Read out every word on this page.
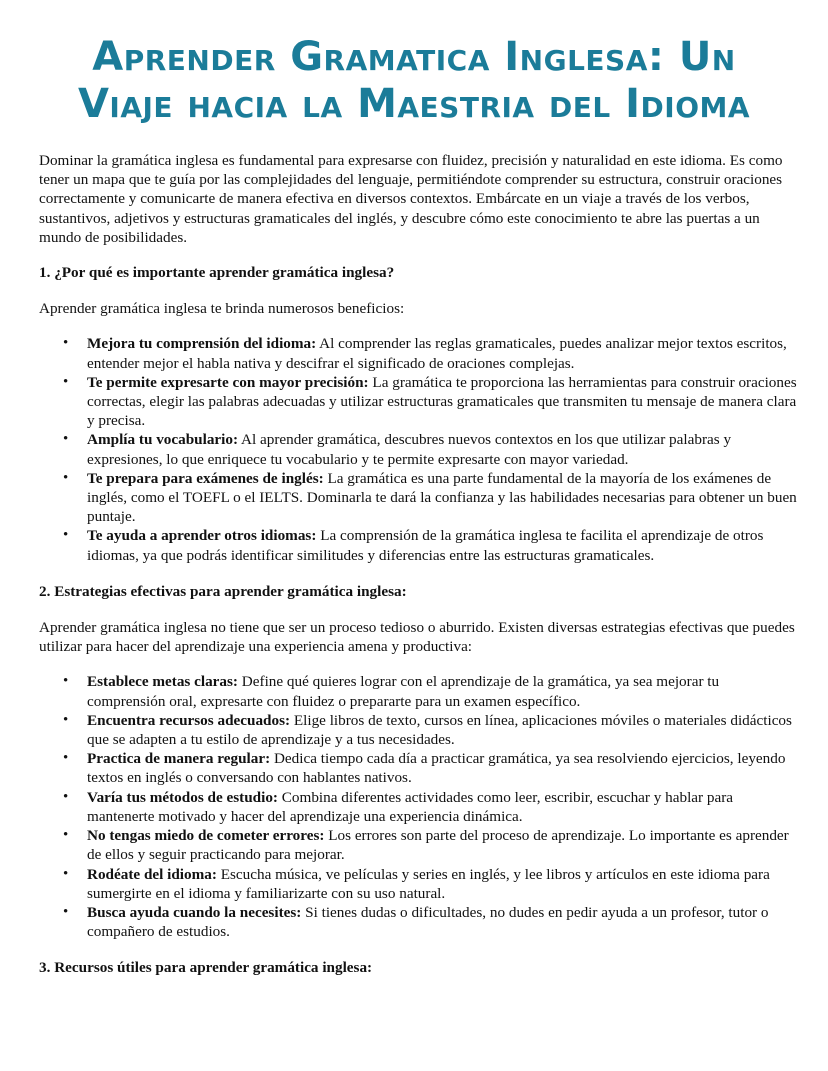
Aprender Gramatica Inglesa: Un Viaje hacia la Maestria del Idioma

Dominar la gramática inglesa es fundamental para expresarse con fluidez, precisión y naturalidad en este idioma. Es como tener un mapa que te guía por las complejidades del lenguaje, permitiéndote comprender su estructura, construir oraciones correctamente y comunicarte de manera efectiva en diversos contextos. Embárcate en un viaje a través de los verbos, sustantivos, adjetivos y estructuras gramaticales del inglés, y descubre cómo este conocimiento te abre las puertas a un mundo de posibilidades.

1. ¿Por qué es importante aprender gramática inglesa?

Aprender gramática inglesa te brinda numerosos beneficios:

• Mejora tu comprensión del idioma: Al comprender las reglas gramaticales, puedes analizar mejor textos escritos, entender mejor el habla nativa y descifrar el significado de oraciones complejas.
• Te permite expresarte con mayor precisión: La gramática te proporciona las herramientas para construir oraciones correctas, elegir las palabras adecuadas y utilizar estructuras gramaticales que transmiten tu mensaje de manera clara y precisa.
• Amplía tu vocabulario: Al aprender gramática, descubres nuevos contextos en los que utilizar palabras y expresiones, lo que enriquece tu vocabulario y te permite expresarte con mayor variedad.
• Te prepara para exámenes de inglés: La gramática es una parte fundamental de la mayoría de los exámenes de inglés, como el TOEFL o el IELTS. Dominarla te dará la confianza y las habilidades necesarias para obtener un buen puntaje.
• Te ayuda a aprender otros idiomas: La comprensión de la gramática inglesa te facilita el aprendizaje de otros idiomas, ya que podrás identificar similitudes y diferencias entre las estructuras gramaticales.

2. Estrategias efectivas para aprender gramática inglesa:

Aprender gramática inglesa no tiene que ser un proceso tedioso o aburrido. Existen diversas estrategias efectivas que puedes utilizar para hacer del aprendizaje una experiencia amena y productiva:

• Establece metas claras: Define qué quieres lograr con el aprendizaje de la gramática, ya sea mejorar tu comprensión oral, expresarte con fluidez o prepararte para un examen específico.
• Encuentra recursos adecuados: Elige libros de texto, cursos en línea, aplicaciones móviles o materiales didácticos que se adapten a tu estilo de aprendizaje y a tus necesidades.
• Practica de manera regular: Dedica tiempo cada día a practicar gramática, ya sea resolviendo ejercicios, leyendo textos en inglés o conversando con hablantes nativos.
• Varía tus métodos de estudio: Combina diferentes actividades como leer, escribir, escuchar y hablar para mantenerte motivado y hacer del aprendizaje una experiencia dinámica.
• No tengas miedo de cometer errores: Los errores son parte del proceso de aprendizaje. Lo importante es aprender de ellos y seguir practicando para mejorar.
• Rodéate del idioma: Escucha música, ve películas y series en inglés, y lee libros y artículos en este idioma para sumergirte en el idioma y familiarizarte con su uso natural.
• Busca ayuda cuando la necesites: Si tienes dudas o dificultades, no dudes en pedir ayuda a un profesor, tutor o compañero de estudios.

3. Recursos útiles para aprender gramática inglesa:
